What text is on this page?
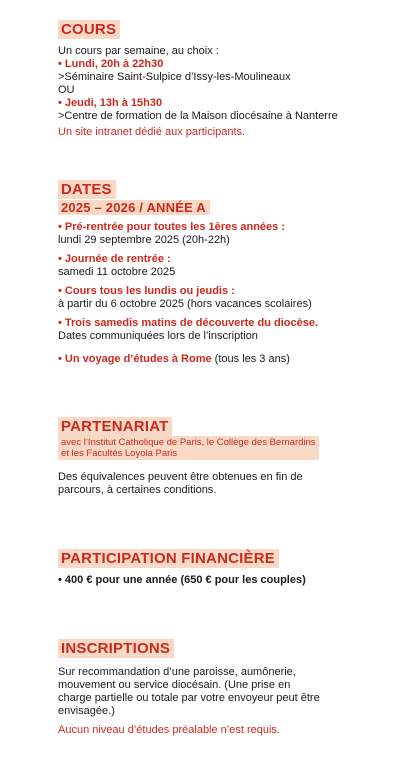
COURS

Un cours par semaine, au choix :

• Lundi, 20h à 22h30

>Séminaire Saint-Sulpice d’Issy-les-Moulineaux

OU

• Jeudi, 13h à 15h30

>Centre de formation de la Maison diocésaine à Nanterre

Un site intranet dédié aux participants.

DATES
2025 – 2026 / ANNÉE A

• Pré-rentrée pour toutes les 1ères années :

lundi 29 septembre 2025 (20h-22h)

• Journée de rentrée :

samedi 11 octobre 2025

• Cours tous les lundis ou jeudis :

à partir du 6 octobre 2025 (hors vacances scolaires)

• Trois samedis matins de découverte du diocèse.

Dates communiquées lors de l’inscription

• Un voyage d’études à Rome (tous les 3 ans)

PARTENARIAT

avec l’Institut Catholique de Paris, le Collège des Bernardins
et les Facultés Loyola Paris

Des équivalences peuvent être obtenues en fin de

parcours, à certaines conditions.

PARTICIPATION FINANCIÈRE

• 400 € pour une année (650 € pour les couples)

INSCRIPTIONS

Sur recommandation d’une paroisse, aumônerie,

mouvement ou service diocésain. (Une prise en

charge partielle ou totale par votre envoyeur peut être

envisagée.)

Aucun niveau d’études préalable n’est requis.
